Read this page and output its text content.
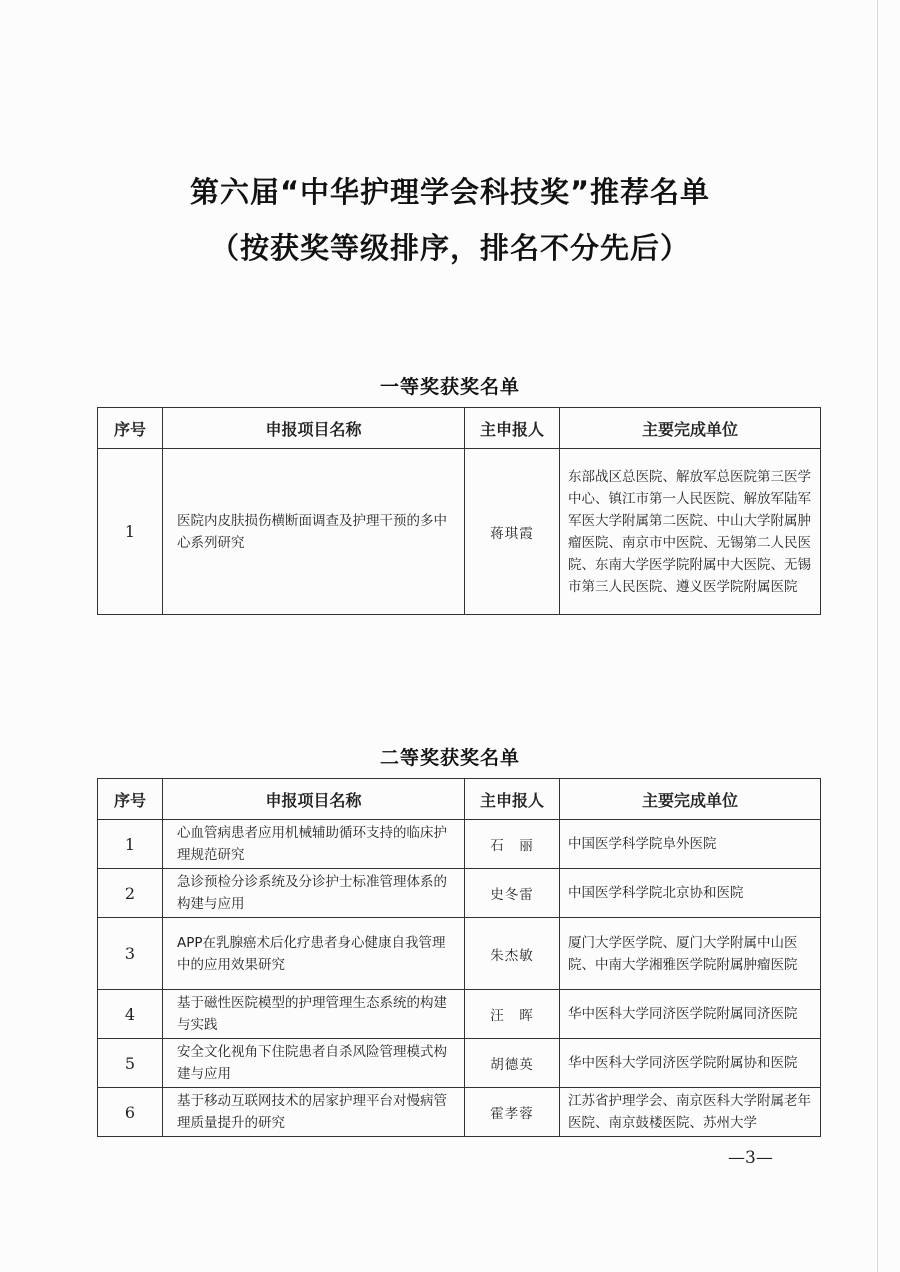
第六届“中华护理学会科技奖”推荐名单
（按获奖等级排序，排名不分先后）
一等奖获奖名单
序号	申报项目名称	主申报人	主要完成单位
1	医院内皮肤损伤横断面调查及护理干预的多中心系列研究	蒋琪霞	东部战区总医院、解放军总医院第三医学中心、镇江市第一人民医院、解放军陆军军医大学附属第二医院、中山大学附属肿瘤医院、南京市中医院、无锡第二人民医院、东南大学医学院附属中大医院、无锡市第三人民医院、遵义医学院附属医院
二等奖获奖名单
序号	申报项目名称	主申报人	主要完成单位
1	心血管病患者应用机械辅助循环支持的临床护理规范研究	石　丽	中国医学科学院阜外医院
2	急诊预检分诊系统及分诊护士标准管理体系的构建与应用	史冬雷	中国医学科学院北京协和医院
3	APP在乳腺癌术后化疗患者身心健康自我管理中的应用效果研究	朱杰敏	厦门大学医学院、厦门大学附属中山医院、中南大学湘雅医学院附属肿瘤医院
4	基于磁性医院模型的护理管理生态系统的构建与实践	汪　晖	华中医科大学同济医学院附属同济医院
5	安全文化视角下住院患者自杀风险管理模式构建与应用	胡德英	华中医科大学同济医学院附属协和医院
6	基于移动互联网技术的居家护理平台对慢病管理质量提升的研究	霍孝蓉	江苏省护理学会、南京医科大学附属老年医院、南京鼓楼医院、苏州大学
—3—
